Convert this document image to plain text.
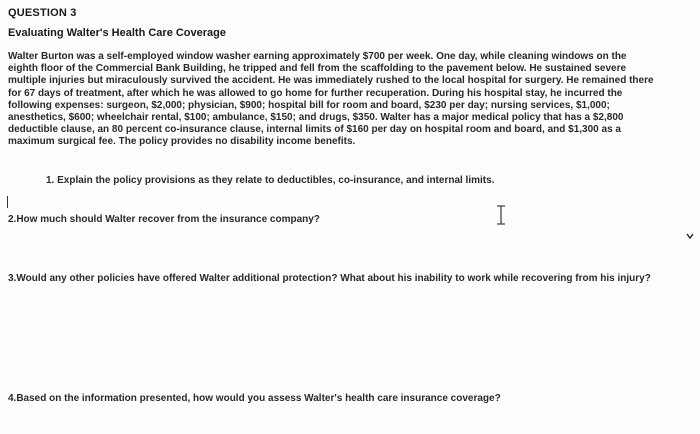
QUESTION 3
Evaluating Walter's Health Care Coverage
Walter Burton was a self-employed window washer earning approximately $700 per week. One day, while cleaning windows on the
eighth floor of the Commercial Bank Building, he tripped and fell from the scaffolding to the pavement below. He sustained severe
multiple injuries but miraculously survived the accident. He was immediately rushed to the local hospital for surgery. He remained there
for 67 days of treatment, after which he was allowed to go home for further recuperation. During his hospital stay, he incurred the
following expenses: surgeon, $2,000; physician, $900; hospital bill for room and board, $230 per day; nursing services, $1,000;
anesthetics, $600; wheelchair rental, $100; ambulance, $150; and drugs, $350. Walter has a major medical policy that has a $2,800
deductible clause, an 80 percent co-insurance clause, internal limits of $160 per day on hospital room and board, and $1,300 as a
maximum surgical fee. The policy provides no disability income benefits.
1. Explain the policy provisions as they relate to deductibles, co-insurance, and internal limits.
2.How much should Walter recover from the insurance company?
3.Would any other policies have offered Walter additional protection? What about his inability to work while recovering from his injury?
4.Based on the information presented, how would you assess Walter's health care insurance coverage?
